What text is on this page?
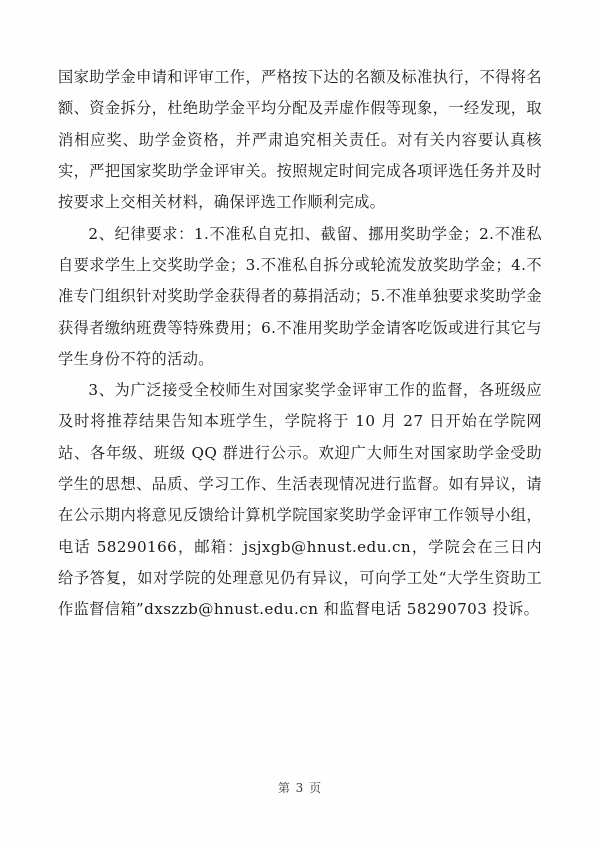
国家助学金申请和评审工作，严格按下达的名额及标准执行，不得将名额、资金拆分，杜绝助学金平均分配及弄虚作假等现象，一经发现，取消相应奖、助学金资格，并严肃追究相关责任。对有关内容要认真核实，严把国家奖助学金评审关。按照规定时间完成各项评选任务并及时按要求上交相关材料，确保评选工作顺利完成。

2、纪律要求：1.不准私自克扣、截留、挪用奖助学金；2.不准私自要求学生上交奖助学金；3.不准私自拆分或轮流发放奖助学金；4.不准专门组织针对奖助学金获得者的募捐活动；5.不准单独要求奖助学金获得者缴纳班费等特殊费用；6.不准用奖助学金请客吃饭或进行其它与学生身份不符的活动。

3、为广泛接受全校师生对国家奖学金评审工作的监督，各班级应及时将推荐结果告知本班学生，学院将于 10 月 27 日开始在学院网站、各年级、班级 QQ 群进行公示。欢迎广大师生对国家助学金受助学生的思想、品质、学习工作、生活表现情况进行监督。如有异议，请在公示期内将意见反馈给计算机学院国家奖助学金评审工作领导小组，电话 58290166，邮箱：jsjxgb@hnust.edu.cn，学院会在三日内给予答复，如对学院的处理意见仍有异议，可向学工处“大学生资助工作监督信箱”dxszzb@hnust.edu.cn 和监督电话 58290703 投诉。

第 3 页
